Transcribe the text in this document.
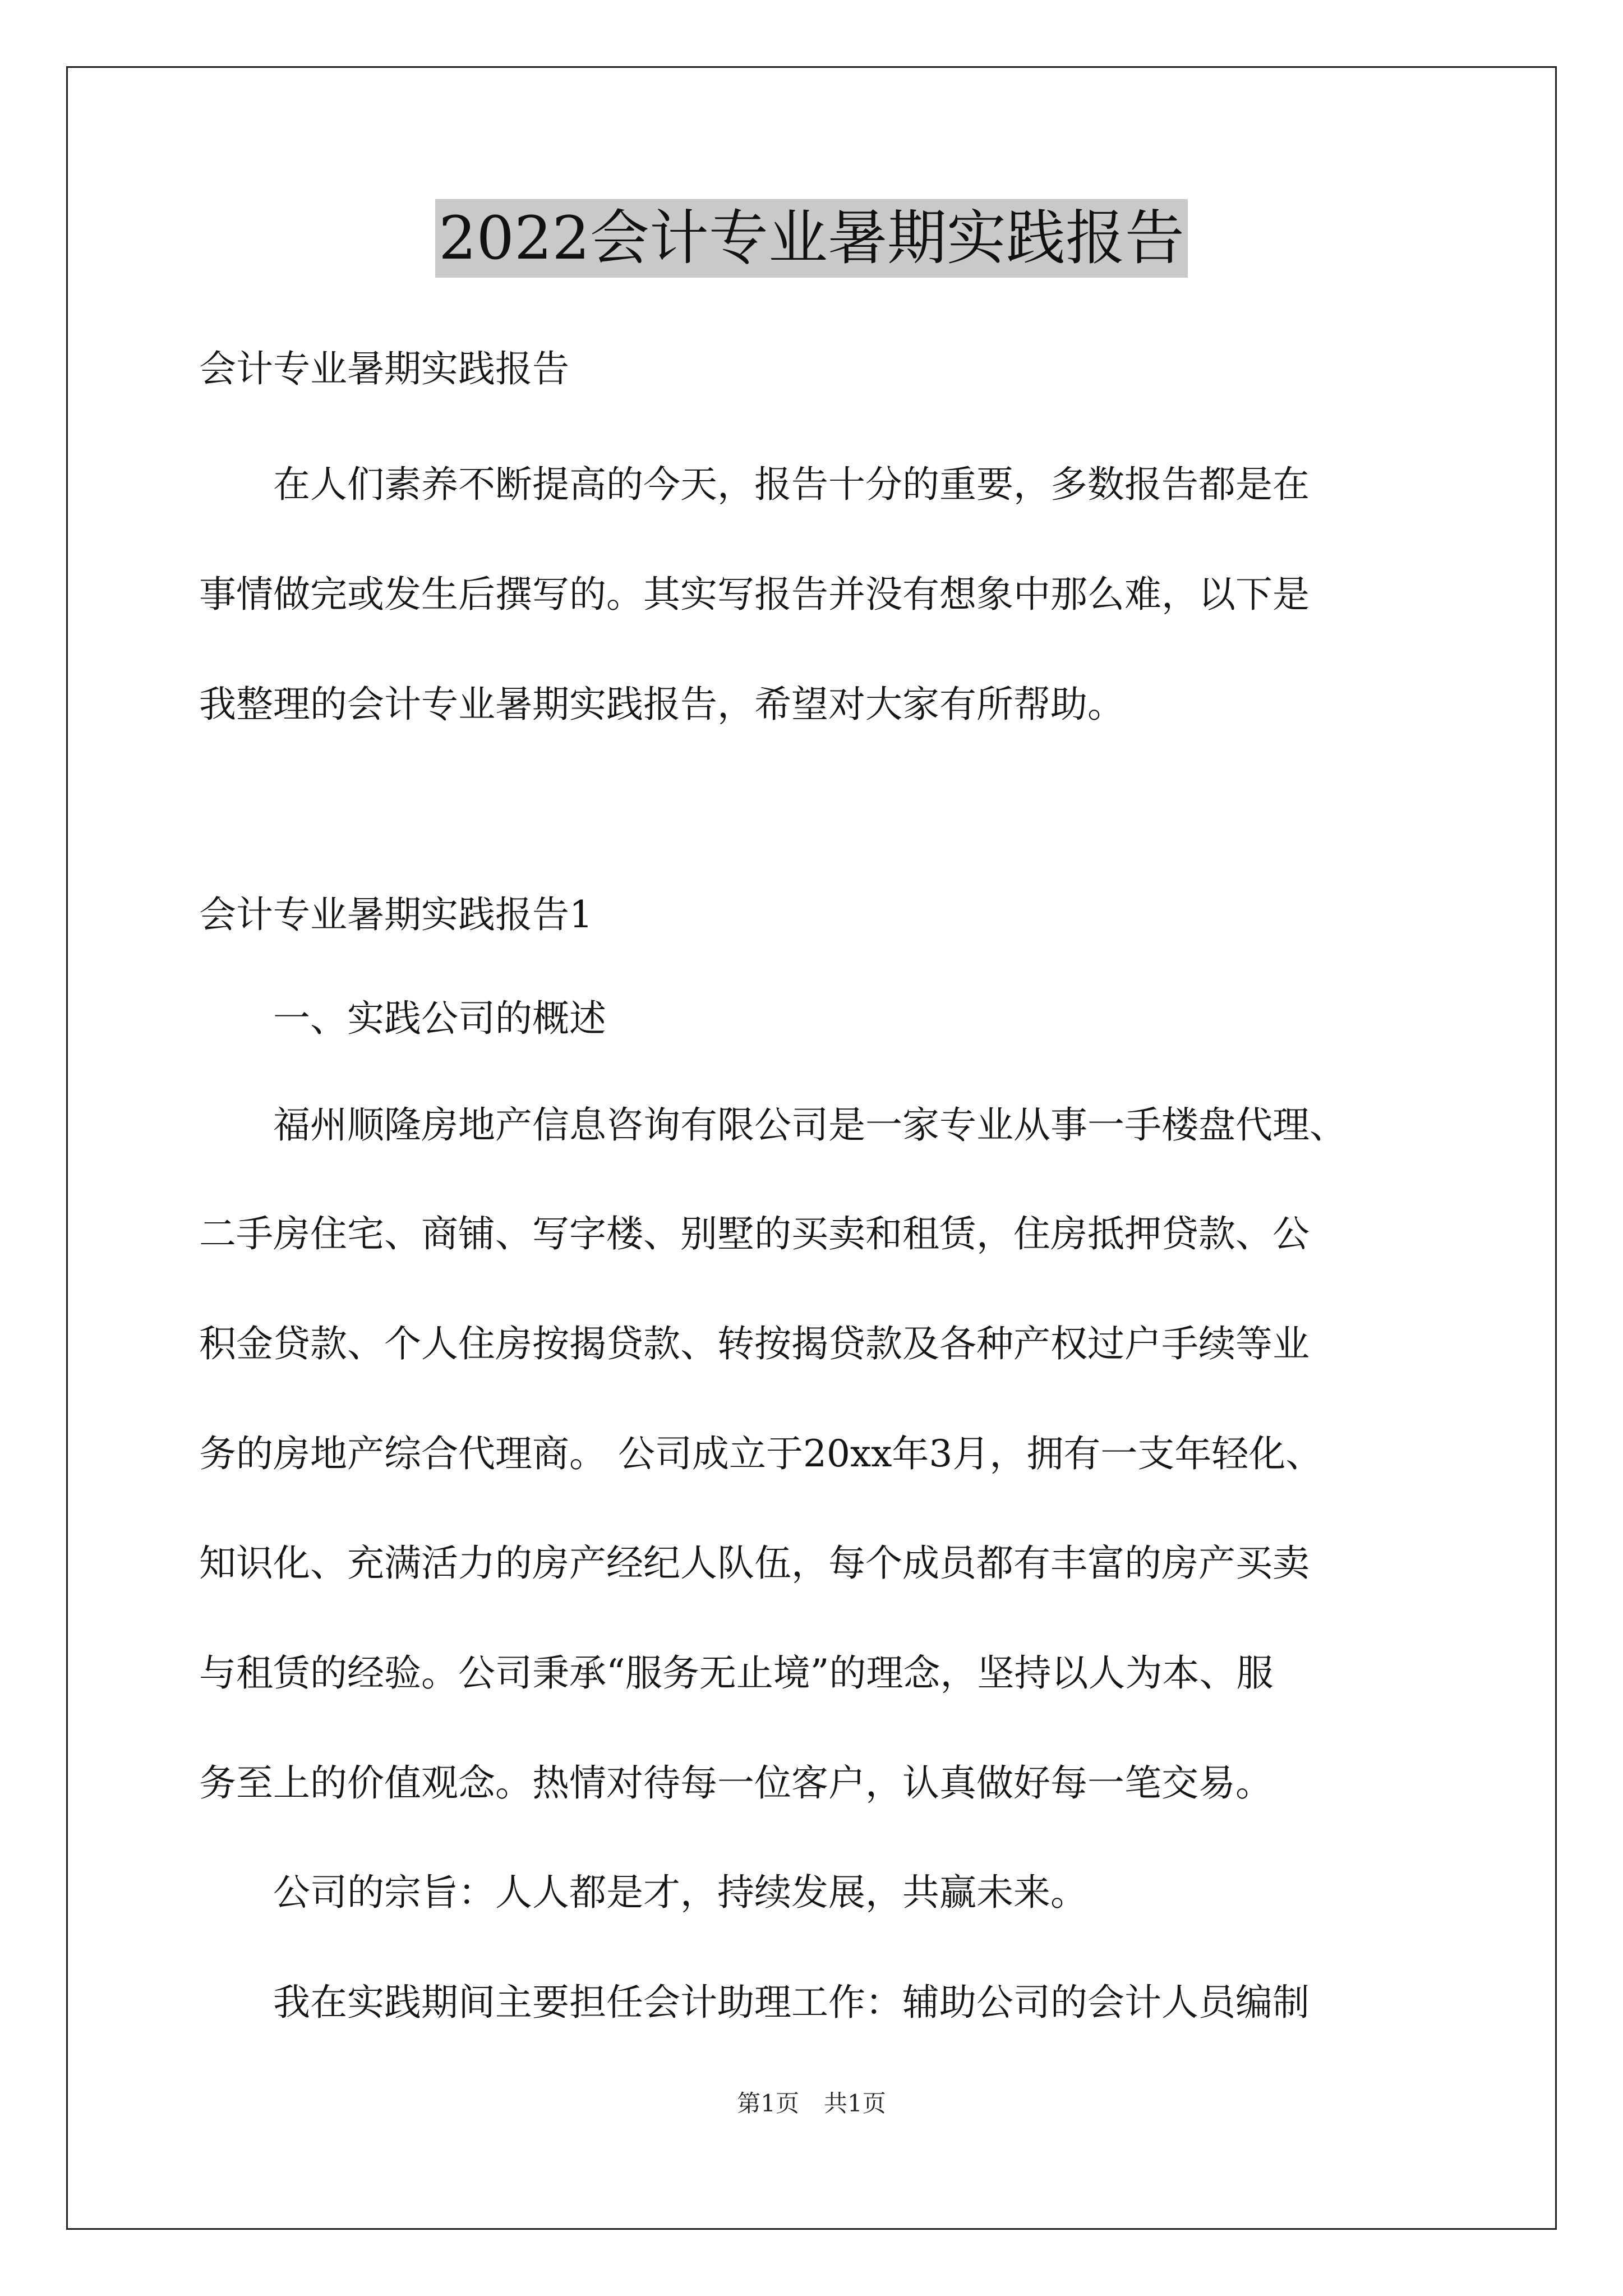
2022会计专业暑期实践报告
会计专业暑期实践报告
　　在人们素养不断提高的今天，报告十分的重要，多数报告都是在
事情做完或发生后撰写的。其实写报告并没有想象中那么难，以下是
我整理的会计专业暑期实践报告，希望对大家有所帮助。
会计专业暑期实践报告1
　　一、实践公司的概述
　　福州顺隆房地产信息咨询有限公司是一家专业从事一手楼盘代理、
二手房住宅、商铺、写字楼、别墅的买卖和租赁，住房抵押贷款、公
积金贷款、个人住房按揭贷款、转按揭贷款及各种产权过户手续等业
务的房地产综合代理商。 公司成立于20xx年3月，拥有一支年轻化、
知识化、充满活力的房产经纪人队伍，每个成员都有丰富的房产买卖
与租赁的经验。公司秉承“服务无止境”的理念，坚持以人为本、服
务至上的价值观念。热情对待每一位客户，认真做好每一笔交易。
　　公司的宗旨：人人都是才，持续发展，共赢未来。
　　我在实践期间主要担任会计助理工作：辅助公司的会计人员编制
第1页 共1页
